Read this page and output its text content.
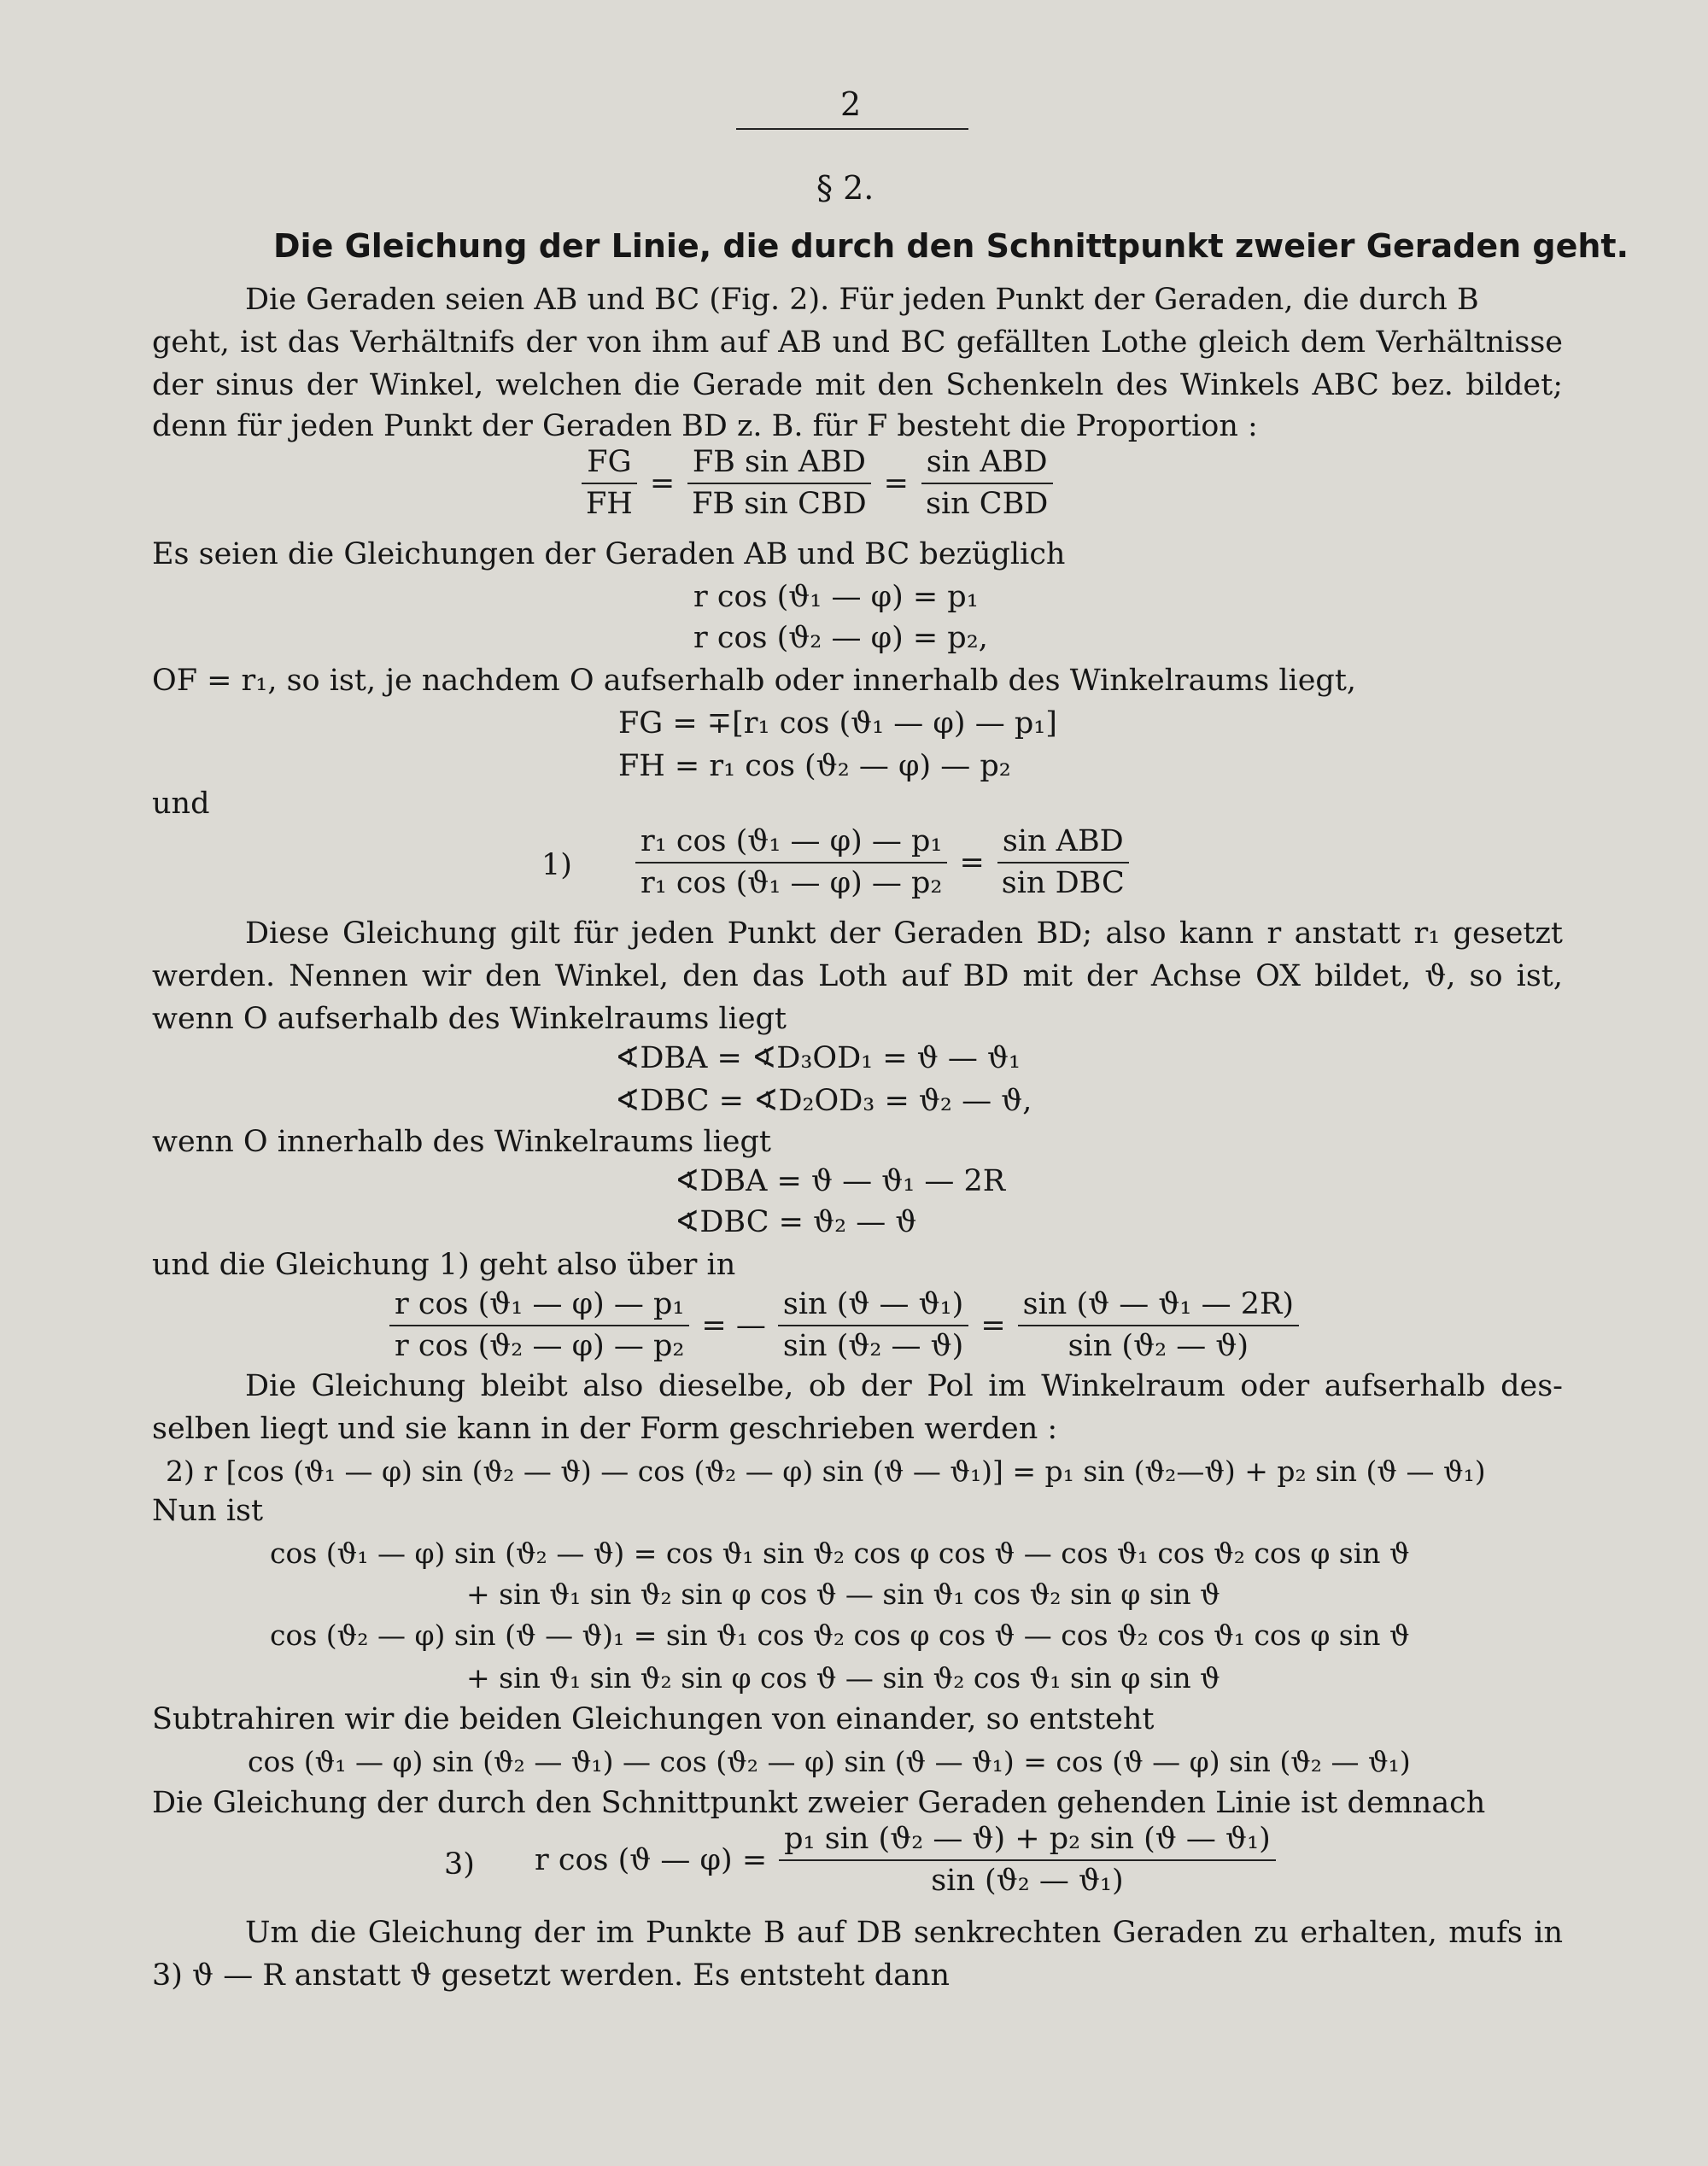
2
§ 2.
Die Gleichung der Linie, die durch den Schnittpunkt zweier Geraden geht.
Die Geraden seien AB und BC (Fig. 2). Für jeden Punkt der Geraden, die durch B
geht, ist das Verhältnifs der von ihm auf AB und BC gefällten Lothe gleich dem Verhältnisse
der sinus der Winkel, welchen die Gerade mit den Schenkeln des Winkels ABC bez. bildet;
denn für jeden Punkt der Geraden BD z. B. für F besteht die Proportion :
$\frac{FG}{FH}$ =
FB sin ABD
FB sin CBD
=
sin ABD
sin CBD
Es seien die Gleichungen der Geraden AB und BC bezüglich
r cos (ϑ₁ — φ) = p₁
r cos (ϑ₂ — φ) = p₂,
OF = r₁, so ist, je nachdem O aufserhalb oder innerhalb des Winkelraums liegt,
FG = ∓[r₁ cos (ϑ₁ — φ) — p₁]
FH = r₁ cos (ϑ₂ — φ) — p₂
und
$1) \frac{\text{r₁ cos (ϑ₁ — φ) — p₁}}{\text{r₁ cos (ϑ₁ — φ) — p₂}}$ =
sin ABD
sin DBC
Diese Gleichung gilt für jeden Punkt der Geraden BD; also kann r anstatt r₁ gesetzt
werden. Nennen wir den Winkel, den das Loth auf BD mit der Achse OX bildet, ϑ, so ist,
wenn O aufserhalb des Winkelraums liegt
∢DBA = ∢D₃OD₁ = ϑ — ϑ₁
∢DBC = ∢D₂OD₃ = ϑ₂ — ϑ,
wenn O innerhalb des Winkelraums liegt
∢DBA = ϑ — ϑ₁ — 2R
∢DBC = ϑ₂ — ϑ
und die Gleichung 1) geht also über in
$\frac{\text{r cos (ϑ₁ — φ) — p₁}}{\text{r cos (ϑ₂ — φ) — p₂}}$ = — $\frac{\text{sin (ϑ — ϑ₁)}}{\text{sin (ϑ₂ — ϑ)}} = \frac{\text{sin (ϑ — ϑ₁ — 2R)}}{\text{sin (ϑ₂ — ϑ)}}$
Die Gleichung bleibt also dieselbe, ob der Pol im Winkelraum oder aufserhalb des-
selben liegt und sie kann in der Form geschrieben werden :
2) r [cos (ϑ₁ — φ) sin (ϑ₂ — ϑ) — cos (ϑ₂ — φ) sin (ϑ — ϑ₁)] = p₁ sin (ϑ₂—ϑ) + p₂ sin (ϑ — ϑ₁)
Nun ist
cos (ϑ₁ — φ) sin (ϑ₂ — ϑ) = cos ϑ₁ sin ϑ₂ cos φ cos ϑ — cos ϑ₁ cos ϑ₂ cos φ sin ϑ
+ sin ϑ₁ sin ϑ₂ sin φ cos ϑ — sin ϑ₁ cos ϑ₂ sin φ sin ϑ
cos (ϑ₂ — φ) sin (ϑ — ϑ)₁ = sin ϑ₁ cos ϑ₂ cos φ cos ϑ — cos ϑ₂ cos ϑ₁ cos φ sin ϑ
+ sin ϑ₁ sin ϑ₂ sin φ cos ϑ — sin ϑ₂ cos ϑ₁ sin φ sin ϑ
Subtrahiren wir die beiden Gleichungen von einander, so entsteht
cos (ϑ₁ — φ) sin (ϑ₂ — ϑ₁) — cos (ϑ₂ — φ) sin (ϑ — ϑ₁) = cos (ϑ — φ) sin (ϑ₂ — ϑ₁)
Die Gleichung der durch den Schnittpunkt zweier Geraden gehenden Linie ist demnach
3) r cos (ϑ — $\varphi) = \frac{\text{p₁ sin (ϑ₂ — ϑ) + p₂ sin (ϑ — ϑ₁)}}{\text{sin (ϑ₂ — ϑ₁)}}$
Um die Gleichung der im Punkte B auf DB senkrechten Geraden zu erhalten, mufs in
3) ϑ — R anstatt ϑ gesetzt werden. Es entsteht dann
